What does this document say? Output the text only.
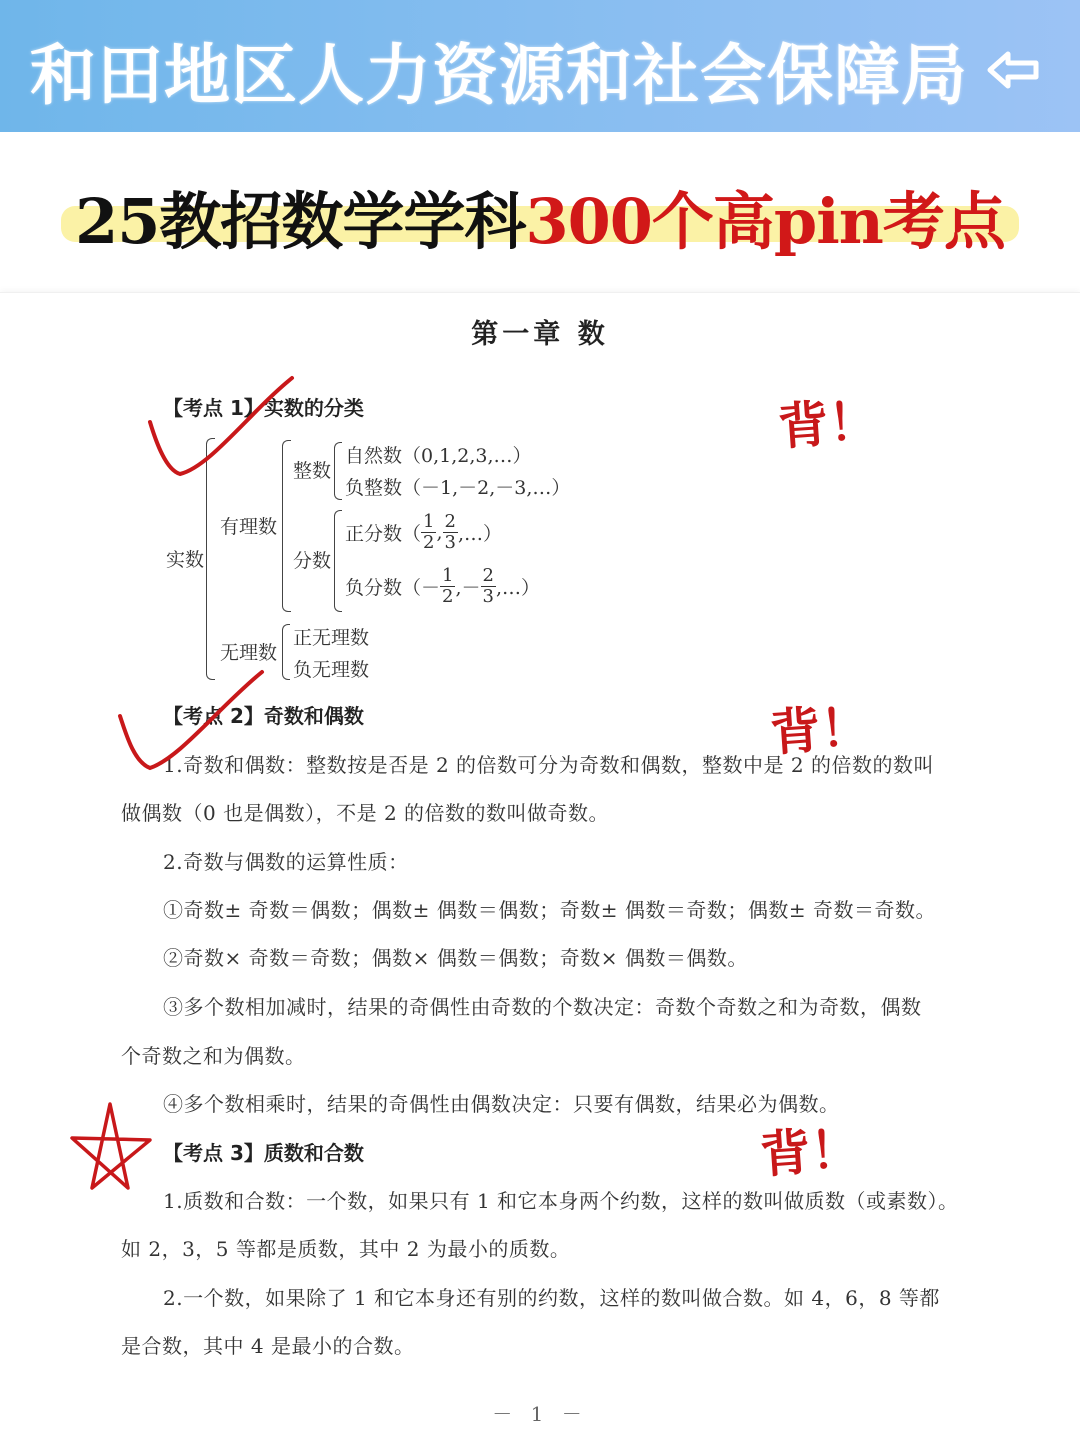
和田地区人力资源和社会保障局
25教招数学学科300个高pin考点
第一章 数
【考点 1】实数的分类
实数
有理数
整数
自然数（0,1,2,3,…）
负整数（－1,－2,－3,…）
分数
正分数（ $\frac{1}{2}$ , $\frac{2}{3}$ ,…）
负分数（－ $\frac{1}{2}$ ,－ $\frac{2}{3}$ ,…）
无理数
正无理数
负无理数
【考点 2】奇数和偶数
1.奇数和偶数：整数按是否是 2 的倍数可分为奇数和偶数，整数中是 2 的倍数的数叫
做偶数（0 也是偶数），不是 2 的倍数的数叫做奇数。
2.奇数与偶数的运算性质：
①奇数± 奇数＝偶数；偶数± 偶数＝偶数；奇数± 偶数＝奇数；偶数± 奇数＝奇数。
②奇数× 奇数＝奇数；偶数× 偶数＝偶数；奇数× 偶数＝偶数。
③多个数相加减时，结果的奇偶性由奇数的个数决定：奇数个奇数之和为奇数，偶数
个奇数之和为偶数。
④多个数相乘时，结果的奇偶性由偶数决定：只要有偶数，结果必为偶数。
【考点 3】质数和合数
1.质数和合数：一个数，如果只有 1 和它本身两个约数，这样的数叫做质数（或素数）。
如 2，3，5 等都是质数，其中 2 为最小的质数。
2.一个数，如果除了 1 和它本身还有别的约数，这样的数叫做合数。如 4，6，8 等都
是合数，其中 4 是最小的合数。
－ 1 －
背！
背！
背！
